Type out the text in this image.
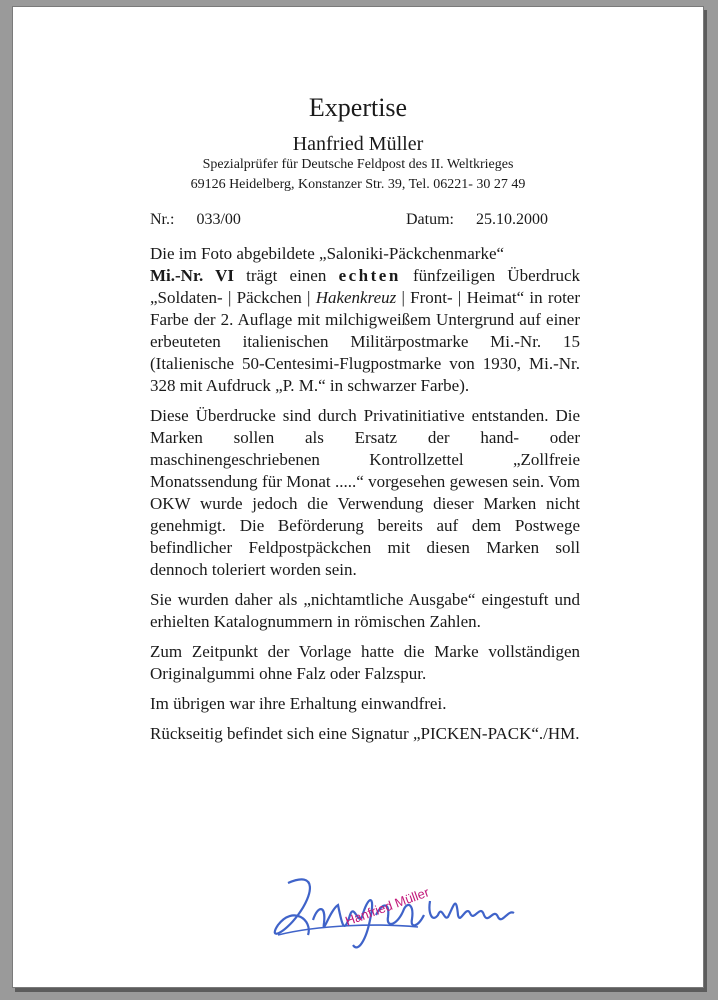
Expertise
Hanfried Müller
Spezialprüfer für Deutsche Feldpost des II. Weltkrieges
69126 Heidelberg, Konstanzer Str. 39, Tel. 06221- 30 27 49
Nr.: 033/00	Datum: 25.10.2000

Die im Foto abgebildete „Saloniki-Päckchenmarke“
Mi.-Nr. VI trägt einen echten fünfzeiligen Überdruck „Soldaten- | Päckchen | Hakenkreuz | Front- | Heimat“ in roter Farbe der 2. Auflage mit milchigweißem Untergrund auf einer erbeuteten italienischen Militärpostmarke Mi.-Nr. 15 (Italienische 50-Centesimi-Flugpostmarke von 1930, Mi.-Nr. 328 mit Aufdruck „P. M.“ in schwarzer Farbe).

Diese Überdrucke sind durch Privatinitiative entstanden. Die Marken sollen als Ersatz der hand- oder maschinengeschriebenen Kontrollzettel „Zollfreie Monatssendung für Monat .....“ vorgesehen gewesen sein. Vom OKW wurde jedoch die Verwendung dieser Marken nicht genehmigt. Die Beförderung bereits auf dem Postwege befindlicher Feldpostpäckchen mit diesen Marken soll dennoch toleriert worden sein.

Sie wurden daher als „nichtamtliche Ausgabe“ eingestuft und erhielten Katalognummern in römischen Zahlen.

Zum Zeitpunkt der Vorlage hatte die Marke vollständigen Originalgummi ohne Falz oder Falzspur.

Im übrigen war ihre Erhaltung einwandfrei.

Rückseitig befindet sich eine Signatur „PICKEN-PACK“./HM.

Hanfried Müller
